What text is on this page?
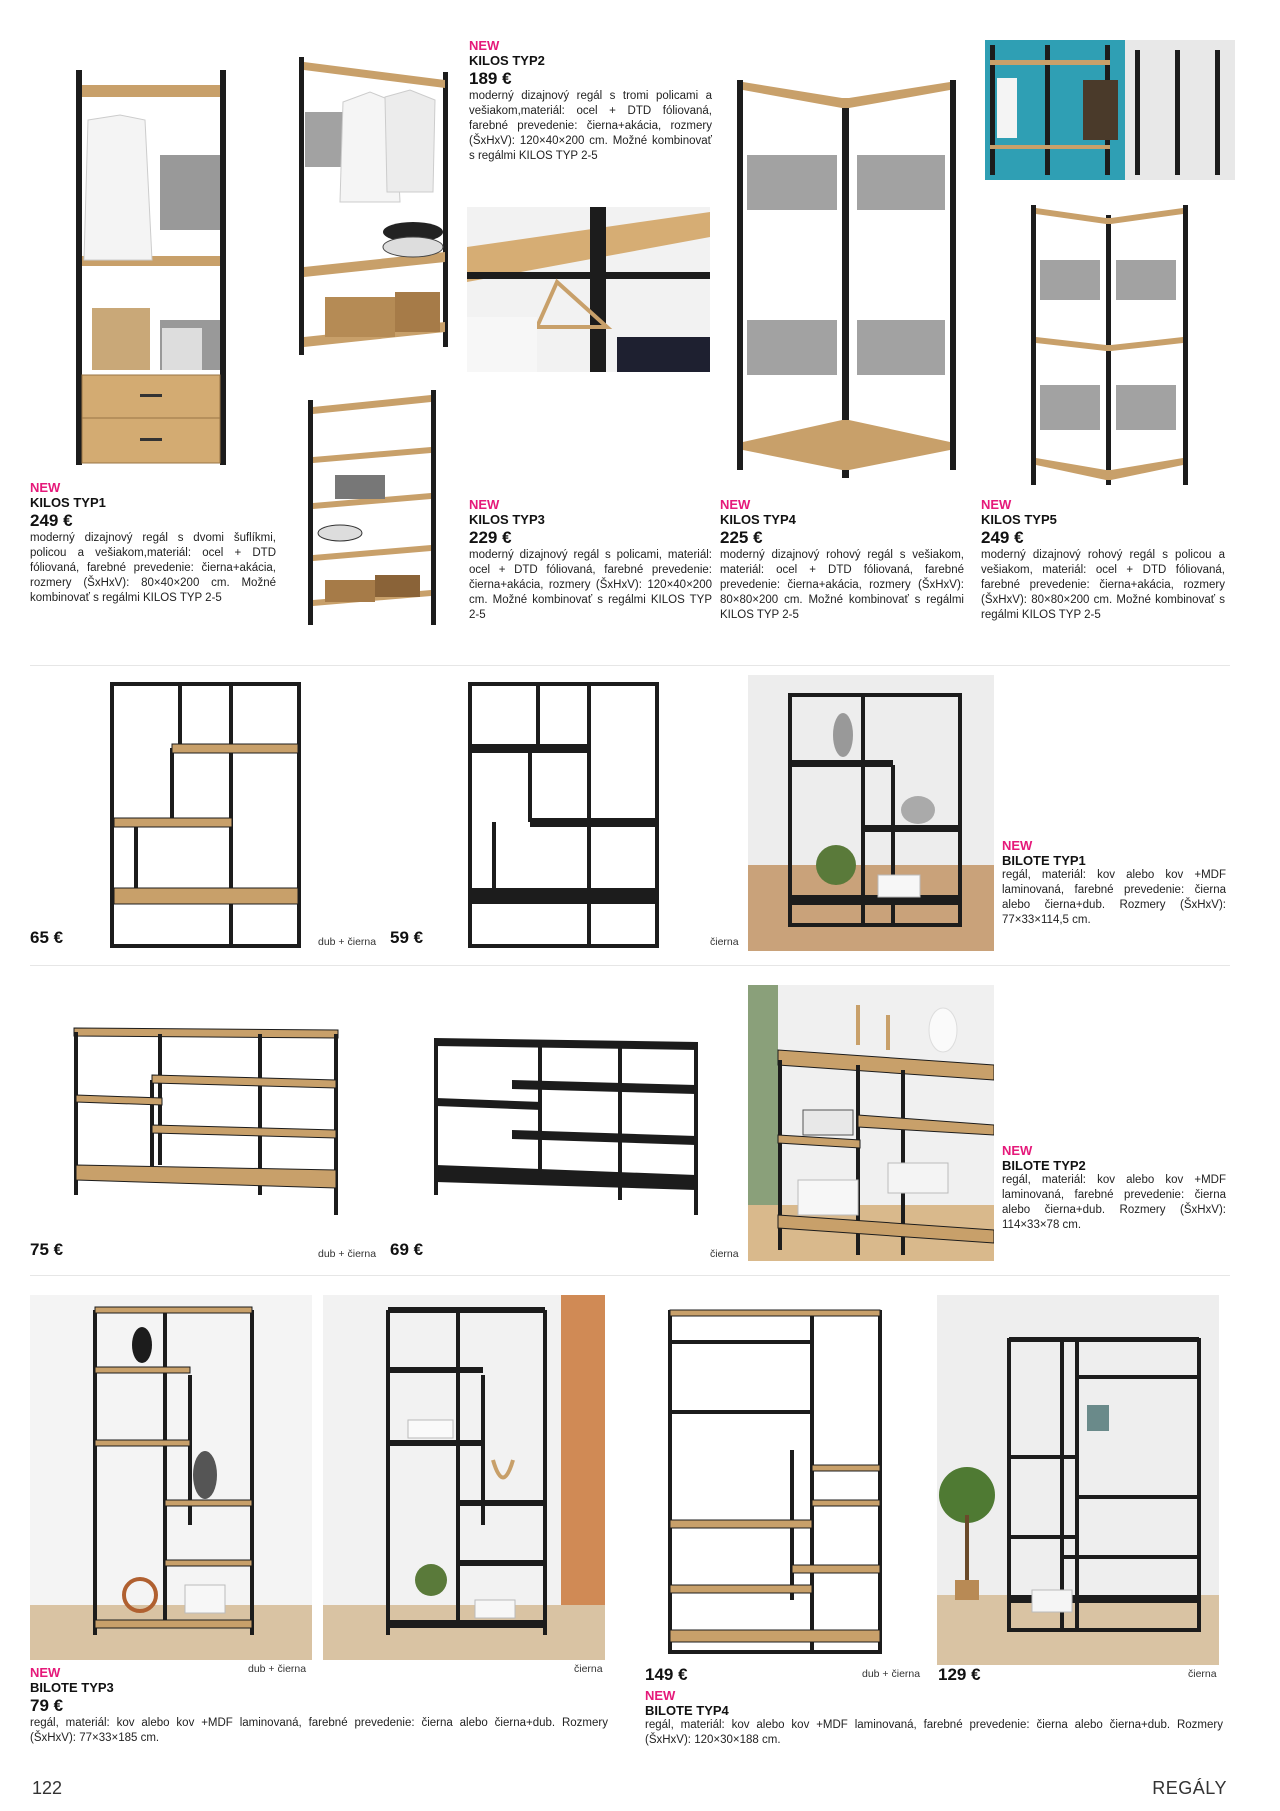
NEW
KILOS TYP1
249 €
moderný dizajnový regál s dvomi šuflíkmi, policou a vešiakom,materiál: ocel + DTD fóliovaná, farebné prevedenie: čierna+akácia, rozmery (ŠxHxV): 80×40×200 cm. Možné kombinovať s regálmi KILOS TYP 2-5
NEW
KILOS TYP2
189 €
moderný dizajnový regál s tromi policami a vešiakom,materiál: ocel + DTD fóliovaná, farebné prevedenie: čierna+akácia, rozmery (ŠxHxV): 120×40×200 cm. Možné kombinovať s regálmi KILOS TYP 2-5
NEW
KILOS TYP3
229 €
moderný dizajnový regál s policami, materiál: ocel + DTD fóliovaná, farebné prevedenie: čierna+akácia, rozmery (ŠxHxV): 120×40×200 cm. Možné kombinovať s regálmi KILOS TYP 2-5
NEW
KILOS TYP4
225 €
moderný dizajnový rohový regál s vešiakom, materiál: ocel + DTD fóliovaná, farebné prevedenie: čierna+akácia, rozmery (ŠxHxV): 80×80×200 cm. Možné kombinovať s regálmi KILOS TYP 2-5
NEW
KILOS TYP5
249 €
moderný dizajnový rohový regál s policou a vešiakom, materiál: ocel + DTD fóliovaná, farebné prevedenie: čierna+akácia, rozmery (ŠxHxV): 80×80×200 cm. Možné kombinovať s regálmi KILOS TYP 2-5
65 €	dub + čierna 59 €	čierna
NEW
BILOTE TYP1
regál, materiál: kov alebo kov +MDF laminovaná, farebné prevedenie: čierna alebo čierna+dub. Rozmery (ŠxHxV): 77×33×114,5 cm.
75 €	dub + čierna 69 €	čierna
NEW
BILOTE TYP2
regál, materiál: kov alebo kov +MDF laminovaná, farebné prevedenie: čierna alebo čierna+dub. Rozmery (ŠxHxV): 114×33×78 cm.
dub + čierna	čierna
NEW
BILOTE TYP3
79 €
regál, materiál: kov alebo kov +MDF laminovaná, farebné prevedenie: čierna alebo čierna+dub. Rozmery (ŠxHxV): 77×33×185 cm.
149 €	dub + čierna 129 €	čierna
NEW
BILOTE TYP4
regál, materiál: kov alebo kov +MDF laminovaná, farebné prevedenie: čierna alebo čierna+dub. Rozmery (ŠxHxV): 120×30×188 cm.
122	REGÁLY
